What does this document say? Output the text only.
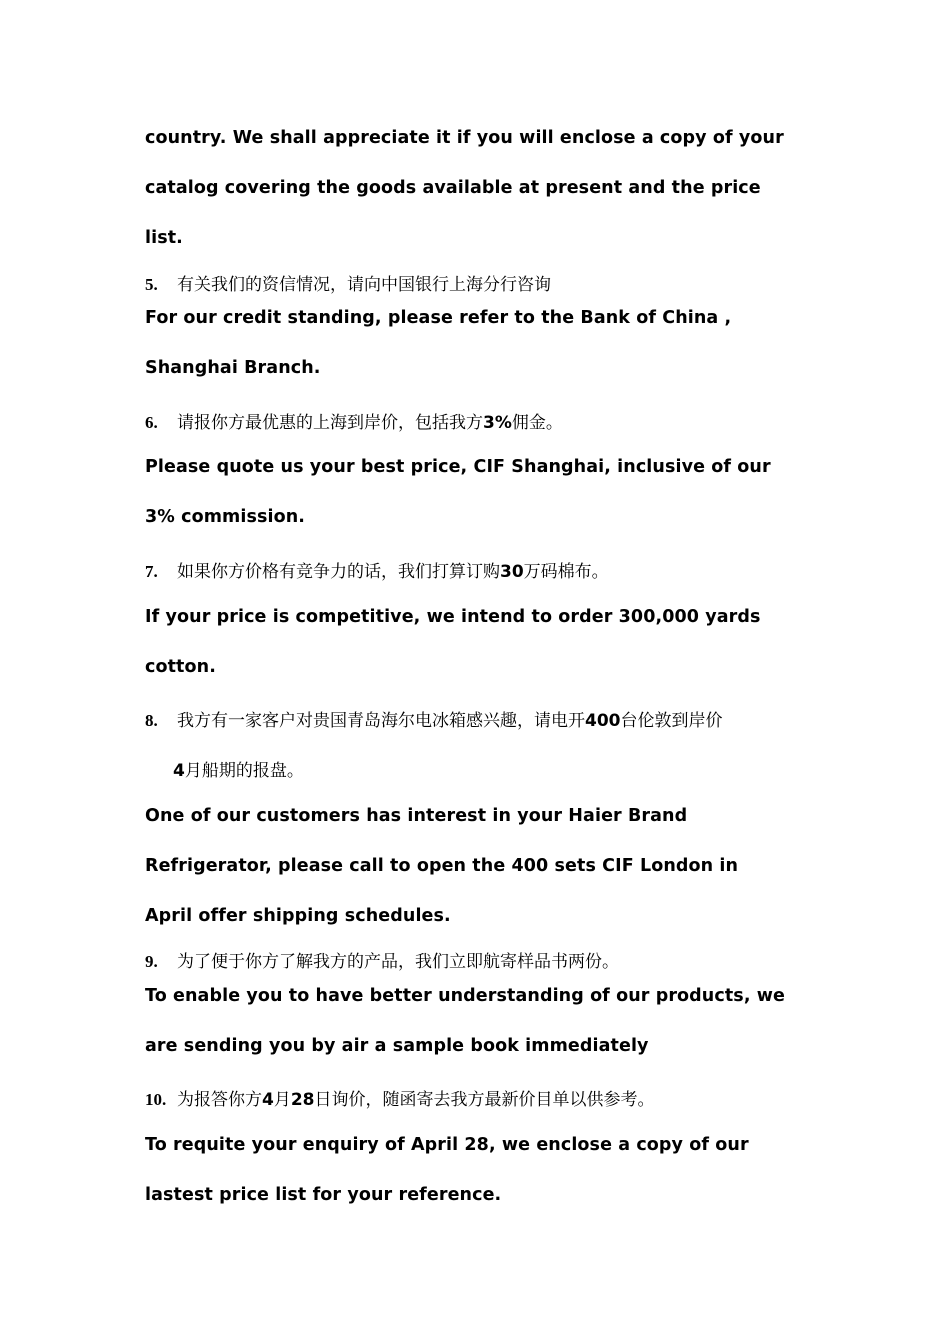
country. We shall appreciate it if you will enclose a copy of your
catalog covering the goods available at present and the price
list.
5. 有关我们的资信情况，请向中国银行上海分行咨询
For our credit standing, please refer to the Bank of China ,
Shanghai Branch.
6. 请报你方最优惠的上海到岸价，包括我方3%佣金。
Please quote us your best price, CIF Shanghai, inclusive of our
3% commission.
7. 如果你方价格有竞争力的话，我们打算订购30万码棉布。
If your price is competitive, we intend to order 300,000 yards
cotton.
8. 我方有一家客户对贵国青岛海尔电冰箱感兴趣，请电开400台伦敦到岸价
4月船期的报盘。
One of our customers has interest in your Haier Brand
Refrigerator, please call to open the 400 sets CIF London in
April offer shipping schedules.
9. 为了便于你方了解我方的产品，我们立即航寄样品书两份。
To enable you to have better understanding of our products, we
are sending you by air a sample book immediately
10. 为报答你方4月28日询价，随函寄去我方最新价目单以供参考。
To requite your enquiry of April 28, we enclose a copy of our
lastest price list for your reference.
